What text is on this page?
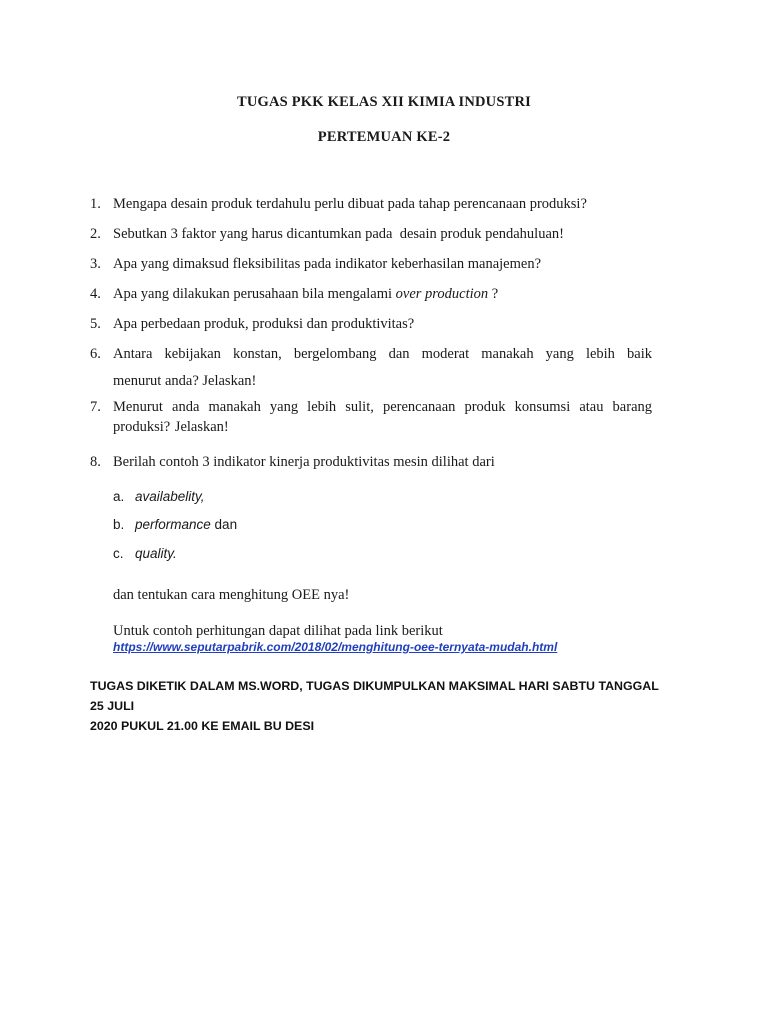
TUGAS PKK KELAS XII KIMIA INDUSTRI
PERTEMUAN KE-2
1. Mengapa desain produk terdahulu perlu dibuat pada tahap perencanaan produksi?
2. Sebutkan 3 faktor yang harus dicantumkan pada  desain produk pendahuluan!
3. Apa yang dimaksud fleksibilitas pada indikator keberhasilan manajemen?
4. Apa yang dilakukan perusahaan bila mengalami over production ?
5. Apa perbedaan produk, produksi dan produktivitas?
6. Antara kebijakan konstan, bergelombang dan moderat manakah yang lebih baik
menurut anda? Jelaskan!
7. Menurut anda manakah yang lebih sulit, perencanaan produk konsumsi atau barang produksi? Jelaskan!
8. Berilah contoh 3 indikator kinerja produktivitas mesin dilihat dari
a. availabelity,
b. performance dan
c. quality.
dan tentukan cara menghitung OEE nya!
Untuk contoh perhitungan dapat dilihat pada link berikut
https://www.seputarpabrik.com/2018/02/menghitung-oee-ternyata-mudah.html
TUGAS DIKETIK DALAM MS.WORD, TUGAS DIKUMPULKAN MAKSIMAL HARI SABTU TANGGAL 25 JULI
2020 PUKUL 21.00 KE EMAIL BU DESI
